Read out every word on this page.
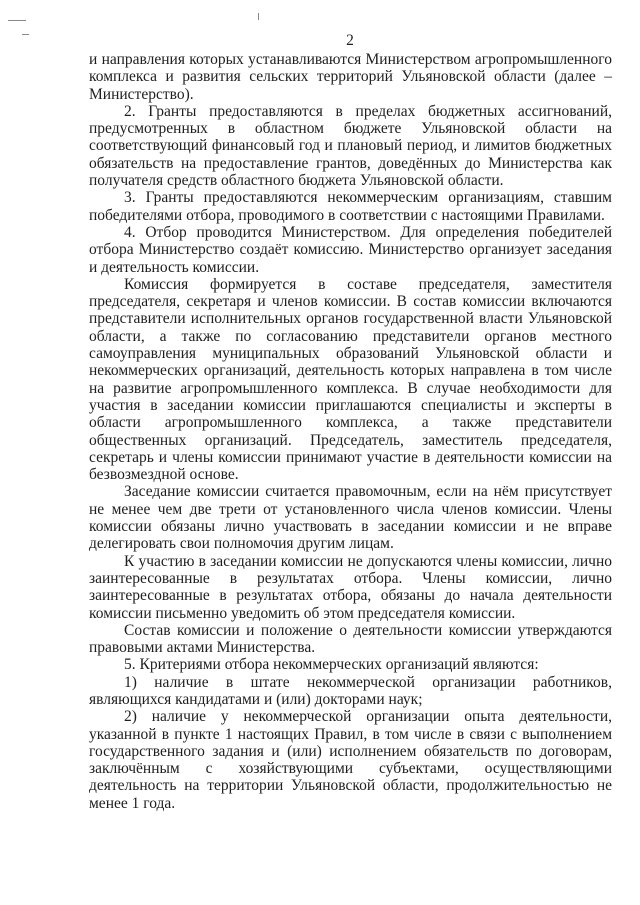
2

и направления которых устанавливаются Министерством агропромышленного комплекса и развития сельских территорий Ульяновской области (далее – Министерство).

2. Гранты предоставляются в пределах бюджетных ассигнований, предусмотренных в областном бюджете Ульяновской области на соответствующий финансовый год и плановый период, и лимитов бюджетных обязательств на предоставление грантов, доведённых до Министерства как получателя средств областного бюджета Ульяновской области.

3. Гранты предоставляются некоммерческим организациям, ставшим победителями отбора, проводимого в соответствии с настоящими Правилами.

4. Отбор проводится Министерством. Для определения победителей отбора Министерство создаёт комиссию. Министерство организует заседания и деятельность комиссии.

Комиссия формируется в составе председателя, заместителя председателя, секретаря и членов комиссии. В состав комиссии включаются представители исполнительных органов государственной власти Ульяновской области, а также по согласованию представители органов местного самоуправления муниципальных образований Ульяновской области и некоммерческих организаций, деятельность которых направлена в том числе на развитие агропромышленного комплекса. В случае необходимости для участия в заседании комиссии приглашаются специалисты и эксперты в области агропромышленного комплекса, а также представители общественных организаций. Председатель, заместитель председателя, секретарь и члены комиссии принимают участие в деятельности комиссии на безвозмездной основе.

Заседание комиссии считается правомочным, если на нём присутствует не менее чем две трети от установленного числа членов комиссии. Члены комиссии обязаны лично участвовать в заседании комиссии и не вправе делегировать свои полномочия другим лицам.

К участию в заседании комиссии не допускаются члены комиссии, лично заинтересованные в результатах отбора. Члены комиссии, лично заинтересованные в результатах отбора, обязаны до начала деятельности комиссии письменно уведомить об этом председателя комиссии.

Состав комиссии и положение о деятельности комиссии утверждаются правовыми актами Министерства.

5. Критериями отбора некоммерческих организаций являются:

1) наличие в штате некоммерческой организации работников, являющихся кандидатами и (или) докторами наук;

2) наличие у некоммерческой организации опыта деятельности, указанной в пункте 1 настоящих Правил, в том числе в связи с выполнением государственного задания и (или) исполнением обязательств по договорам, заключённым с хозяйствующими субъектами, осуществляющими деятельность на территории Ульяновской области, продолжительностью не менее 1 года.
